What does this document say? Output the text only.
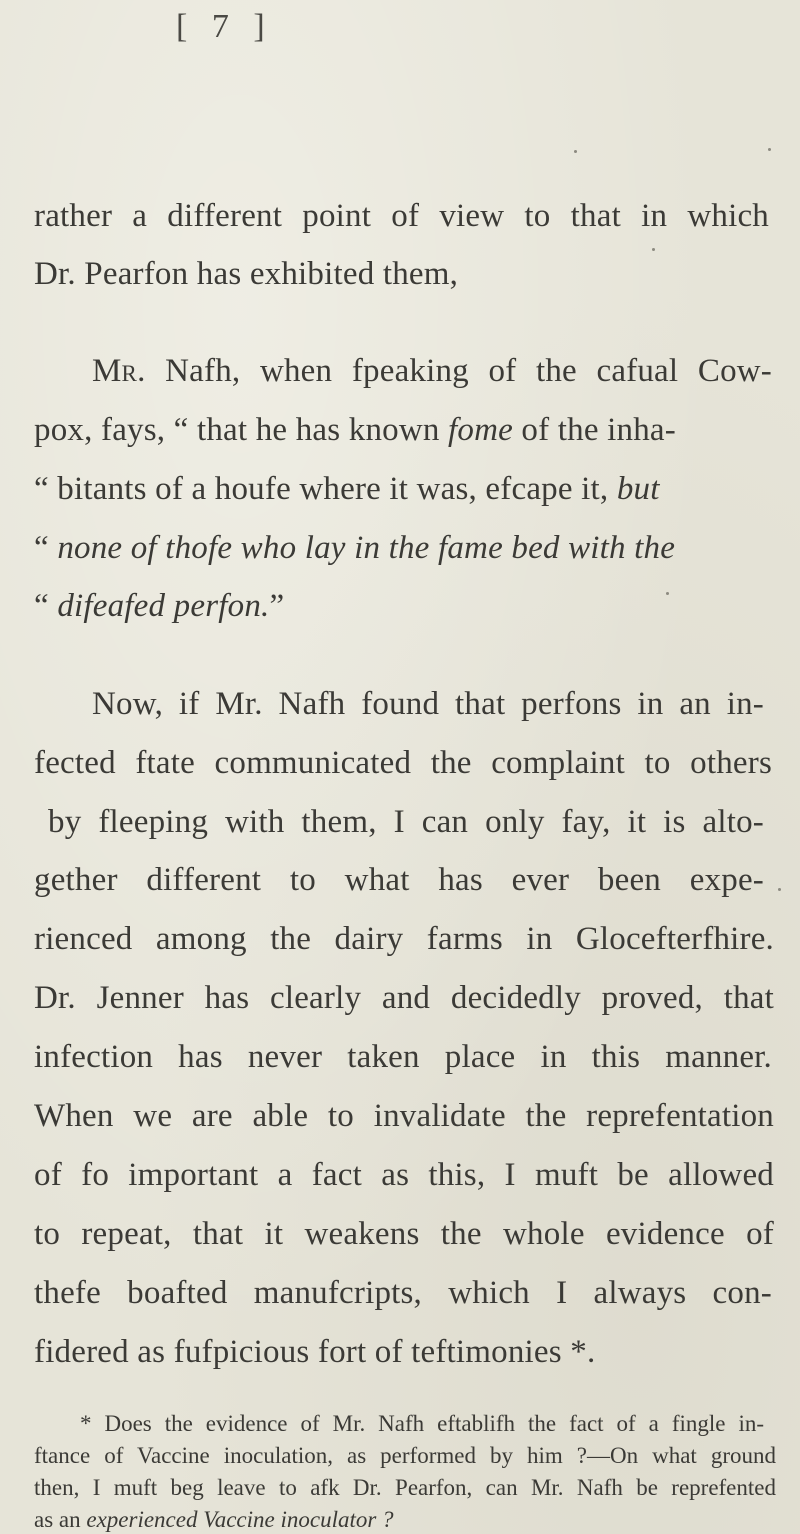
[ 7 ]
rather a different point of view to that in which
Dr. Pearfon has exhibited them,
Mr. Nafh, when fpeaking of the cafual Cow-
pox, fays, “ that he has known fome of the inha-
“ bitants of a houfe where it was, efcape it, but
“ none of thofe who lay in the fame bed with the
“ difeafed perfon.”
Now, if Mr. Nafh found that perfons in an in-
fected ftate communicated the complaint to others
by fleeping with them, I can only fay, it is alto-
gether different to what has ever been expe-
rienced among the dairy farms in Glocefterfhire.
Dr. Jenner has clearly and decidedly proved, that
infection has never taken place in this manner.
When we are able to invalidate the reprefentation
of fo important a fact as this, I muft be allowed
to repeat, that it weakens the whole evidence of
thefe boafted manufcripts, which I always con-
fidered as fufpicious fort of teftimonies *.
* Does the evidence of Mr. Nafh eftablifh the fact of a fingle in-
ftance of Vaccine inoculation, as performed by him ?—On what ground
then, I muft beg leave to afk Dr. Pearfon, can Mr. Nafh be reprefented
as an experienced Vaccine inoculator ?
